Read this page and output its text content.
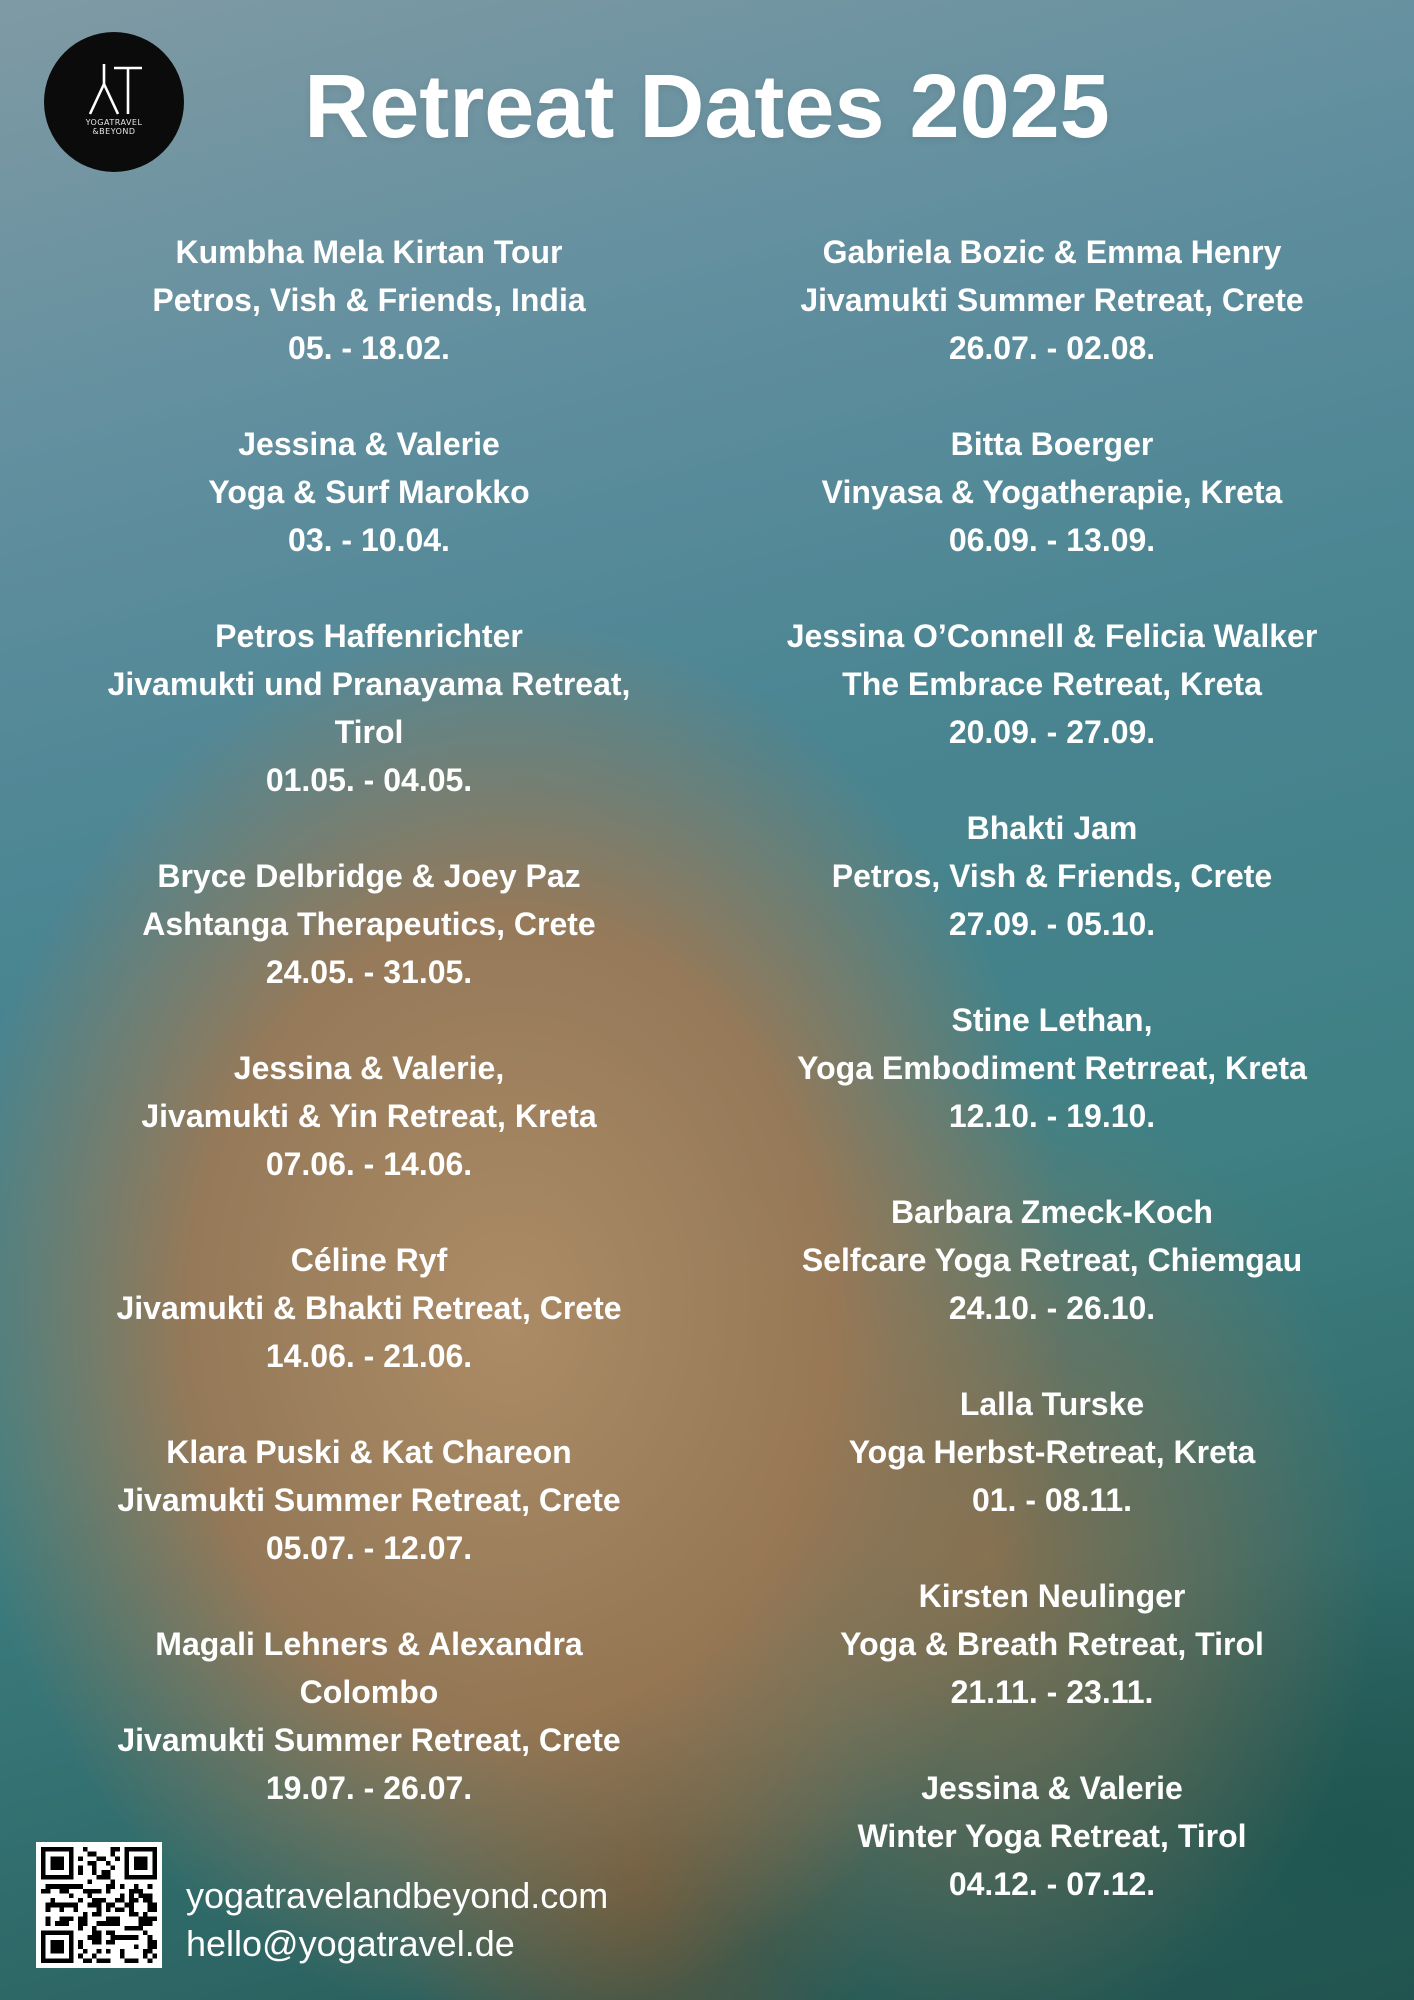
YOGATRAVEL
&BEYOND	Retreat Dates 2025
Kumbha Mela Kirtan Tour
Petros, Vish & Friends, India
05. - 18.02.
Jessina & Valerie
Yoga & Surf Marokko
03. - 10.04.
Petros Haffenrichter
Jivamukti und Pranayama Retreat,
Tirol
01.05. - 04.05.
Bryce Delbridge & Joey Paz
Ashtanga Therapeutics, Crete
24.05. - 31.05.
Jessina & Valerie,
Jivamukti & Yin Retreat, Kreta
07.06. - 14.06.
Céline Ryf
Jivamukti & Bhakti Retreat, Crete
14.06. - 21.06.
Klara Puski & Kat Chareon
Jivamukti Summer Retreat, Crete
05.07. - 12.07.
Magali Lehners & Alexandra
Colombo
Jivamukti Summer Retreat, Crete
19.07. - 26.07.
Gabriela Bozic & Emma Henry
Jivamukti Summer Retreat, Crete
26.07. - 02.08.
Bitta Boerger
Vinyasa & Yogatherapie, Kreta
06.09. - 13.09.
Jessina O’Connell & Felicia Walker
The Embrace Retreat, Kreta
20.09. - 27.09.
Bhakti Jam
Petros, Vish & Friends, Crete
27.09. - 05.10.
Stine Lethan,
Yoga Embodiment Retrreat, Kreta
12.10. - 19.10.
Barbara Zmeck-Koch
Selfcare Yoga Retreat, Chiemgau
24.10. - 26.10.
Lalla Turske
Yoga Herbst-Retreat, Kreta
01. - 08.11.
Kirsten Neulinger
Yoga & Breath Retreat, Tirol
21.11. - 23.11.
Jessina & Valerie
Winter Yoga Retreat, Tirol
04.12. - 07.12.
yogatravelandbeyond.com
hello@yogatravel.de
